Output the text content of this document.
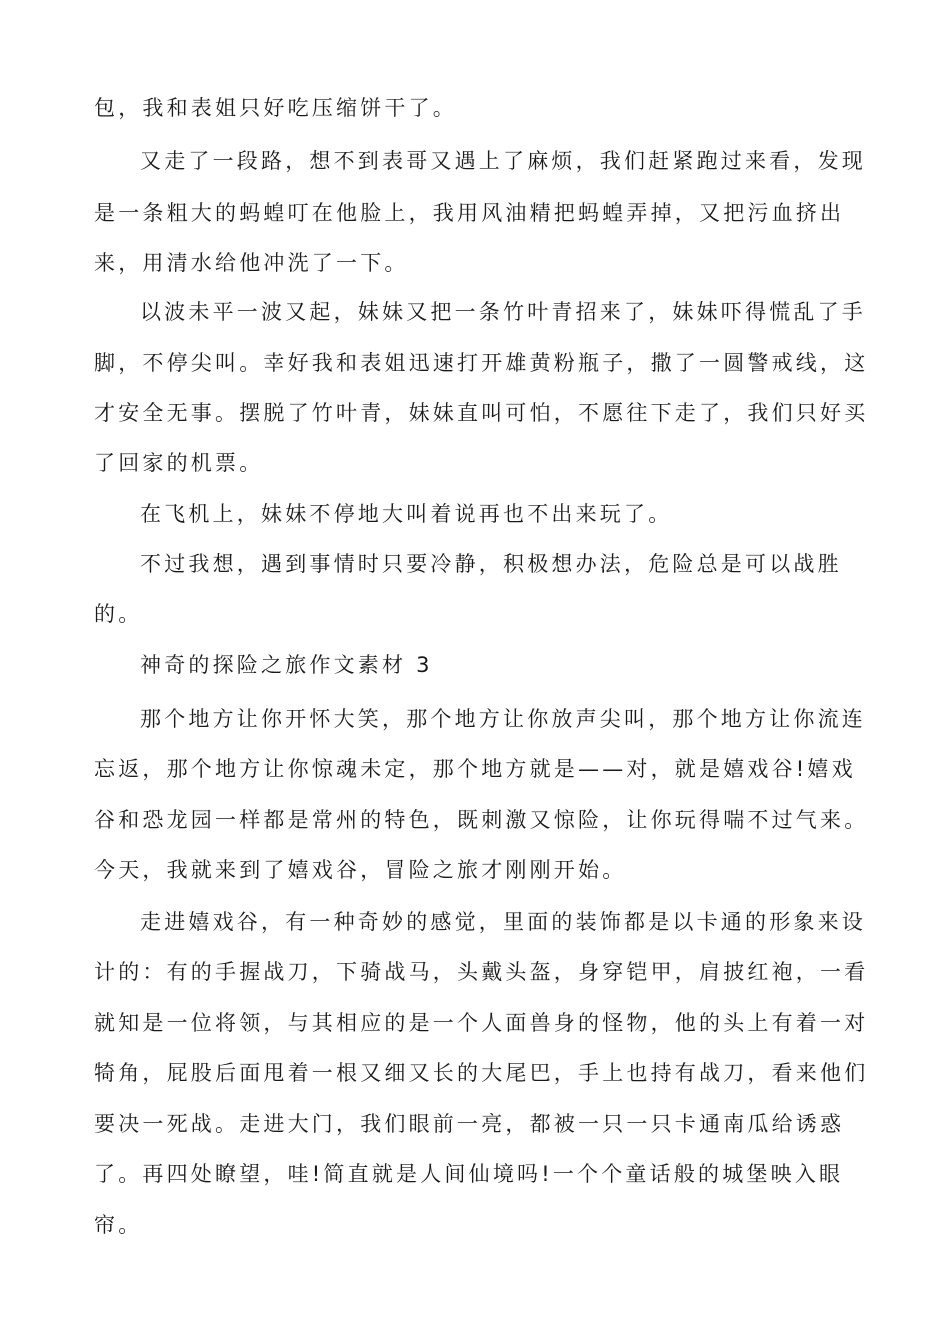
包，我和表姐只好吃压缩饼干了。
又走了一段路，想不到表哥又遇上了麻烦，我们赶紧跑过来看，发现
是一条粗大的蚂蝗叮在他脸上，我用风油精把蚂蝗弄掉，又把污血挤出
来，用清水给他冲洗了一下。
以波未平一波又起，妹妹又把一条竹叶青招来了，妹妹吓得慌乱了手
脚，不停尖叫。幸好我和表姐迅速打开雄黄粉瓶子，撒了一圆警戒线，这
才安全无事。摆脱了竹叶青，妹妹直叫可怕，不愿往下走了，我们只好买
了回家的机票。
在飞机上，妹妹不停地大叫着说再也不出来玩了。
不过我想，遇到事情时只要冷静，积极想办法，危险总是可以战胜
的。
神奇的探险之旅作文素材 3
那个地方让你开怀大笑，那个地方让你放声尖叫，那个地方让你流连
忘返，那个地方让你惊魂未定，那个地方就是——对，就是嬉戏谷!嬉戏
谷和恐龙园一样都是常州的特色，既刺激又惊险，让你玩得喘不过气来。
今天，我就来到了嬉戏谷，冒险之旅才刚刚开始。
走进嬉戏谷，有一种奇妙的感觉，里面的装饰都是以卡通的形象来设
计的：有的手握战刀，下骑战马，头戴头盔，身穿铠甲，肩披红袍，一看
就知是一位将领，与其相应的是一个人面兽身的怪物，他的头上有着一对
犄角，屁股后面甩着一根又细又长的大尾巴，手上也持有战刀，看来他们
要决一死战。走进大门，我们眼前一亮，都被一只一只卡通南瓜给诱惑
了。再四处瞭望，哇!简直就是人间仙境吗!一个个童话般的城堡映入眼
帘。
